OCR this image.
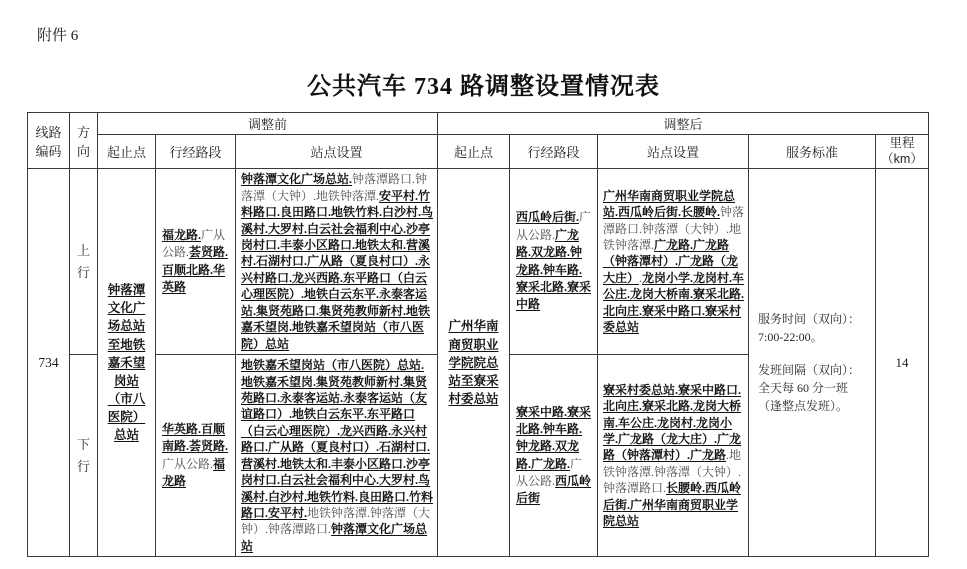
附件 6
公共汽车 734 路调整设置情况表
线路编码	方向	调整前			调整后				
		起止点	行经路段	站点设置	起止点	行经路段	站点设置	服务标准	里程
（km）

734	上行	钟落潭文化广场总站至地铁嘉禾望岗站（市八医院）总站	福龙路.广从公路.荟贤路.百顺北路.华英路	钟落潭文化广场总站.钟落潭路口.钟落潭（大钟）.地铁钟落潭.安平村.竹料路口.良田路口.地铁竹料.白沙村.鸟溪村.大罗村.白云社会福利中心.沙亭岗村口.丰泰小区路口.地铁太和.营溪村.石湖村口.广从路（夏良村口）.永兴村路口.龙兴西路.东平路口（白云心理医院）.地铁白云东平.永泰客运站.集贤苑路口.集贤苑教师新村.地铁嘉禾望岗.地铁嘉禾望岗站（市八医院）总站	广州华南商贸职业学院院总站至寮采村委总站	西瓜岭后街.广从公路.广龙路.双龙路.钟龙路.钟车路.寮采北路.寮采中路	广州华南商贸职业学院总站.西瓜岭后街.长腰岭.钟落潭路口.钟落潭（大钟）.地铁钟落潭.广龙路.广龙路（钟落潭村）.广龙路（龙大庄）.龙岗小学.龙岗村.车公庄.龙岗大桥南.寮采北路.北向庄.寮采中路口.寮采村委总站	服务时间（双向）：7:00-22:00。
发班间隔（双向）：全天每 60 分一班（逢整点发班）。	14
	下行		华英路.百顺南路.荟贤路.广从公路.福龙路	地铁嘉禾望岗站（市八医院）总站.地铁嘉禾望岗.集贤苑教师新村.集贤苑路口.永泰客运站.永泰客运站（友谊路口）.地铁白云东平.东平路口（白云心理医院）.龙兴西路.永兴村路口.广从路（夏良村口）.石湖村口.营溪村.地铁太和.丰泰小区路口.沙亭岗村口.白云社会福利中心.大罗村.鸟溪村.白沙村.地铁竹料.良田路口.竹料路口.安平村.地铁钟落潭.钟落潭（大钟）.钟落潭路口.钟落潭文化广场总站		寮采中路.寮采北路.钟车路.钟龙路.双龙路.广龙路.广从公路.西瓜岭后街	寮采村委总站.寮采中路口.北向庄.寮采北路.龙岗大桥南.车公庄.龙岗村.龙岗小学.广龙路（龙大庄）.广龙路（钟落潭村）.广龙路.地铁钟落潭.钟落潭（大钟）.钟落潭路口.长腰岭.西瓜岭后街.广州华南商贸职业学院总站		
